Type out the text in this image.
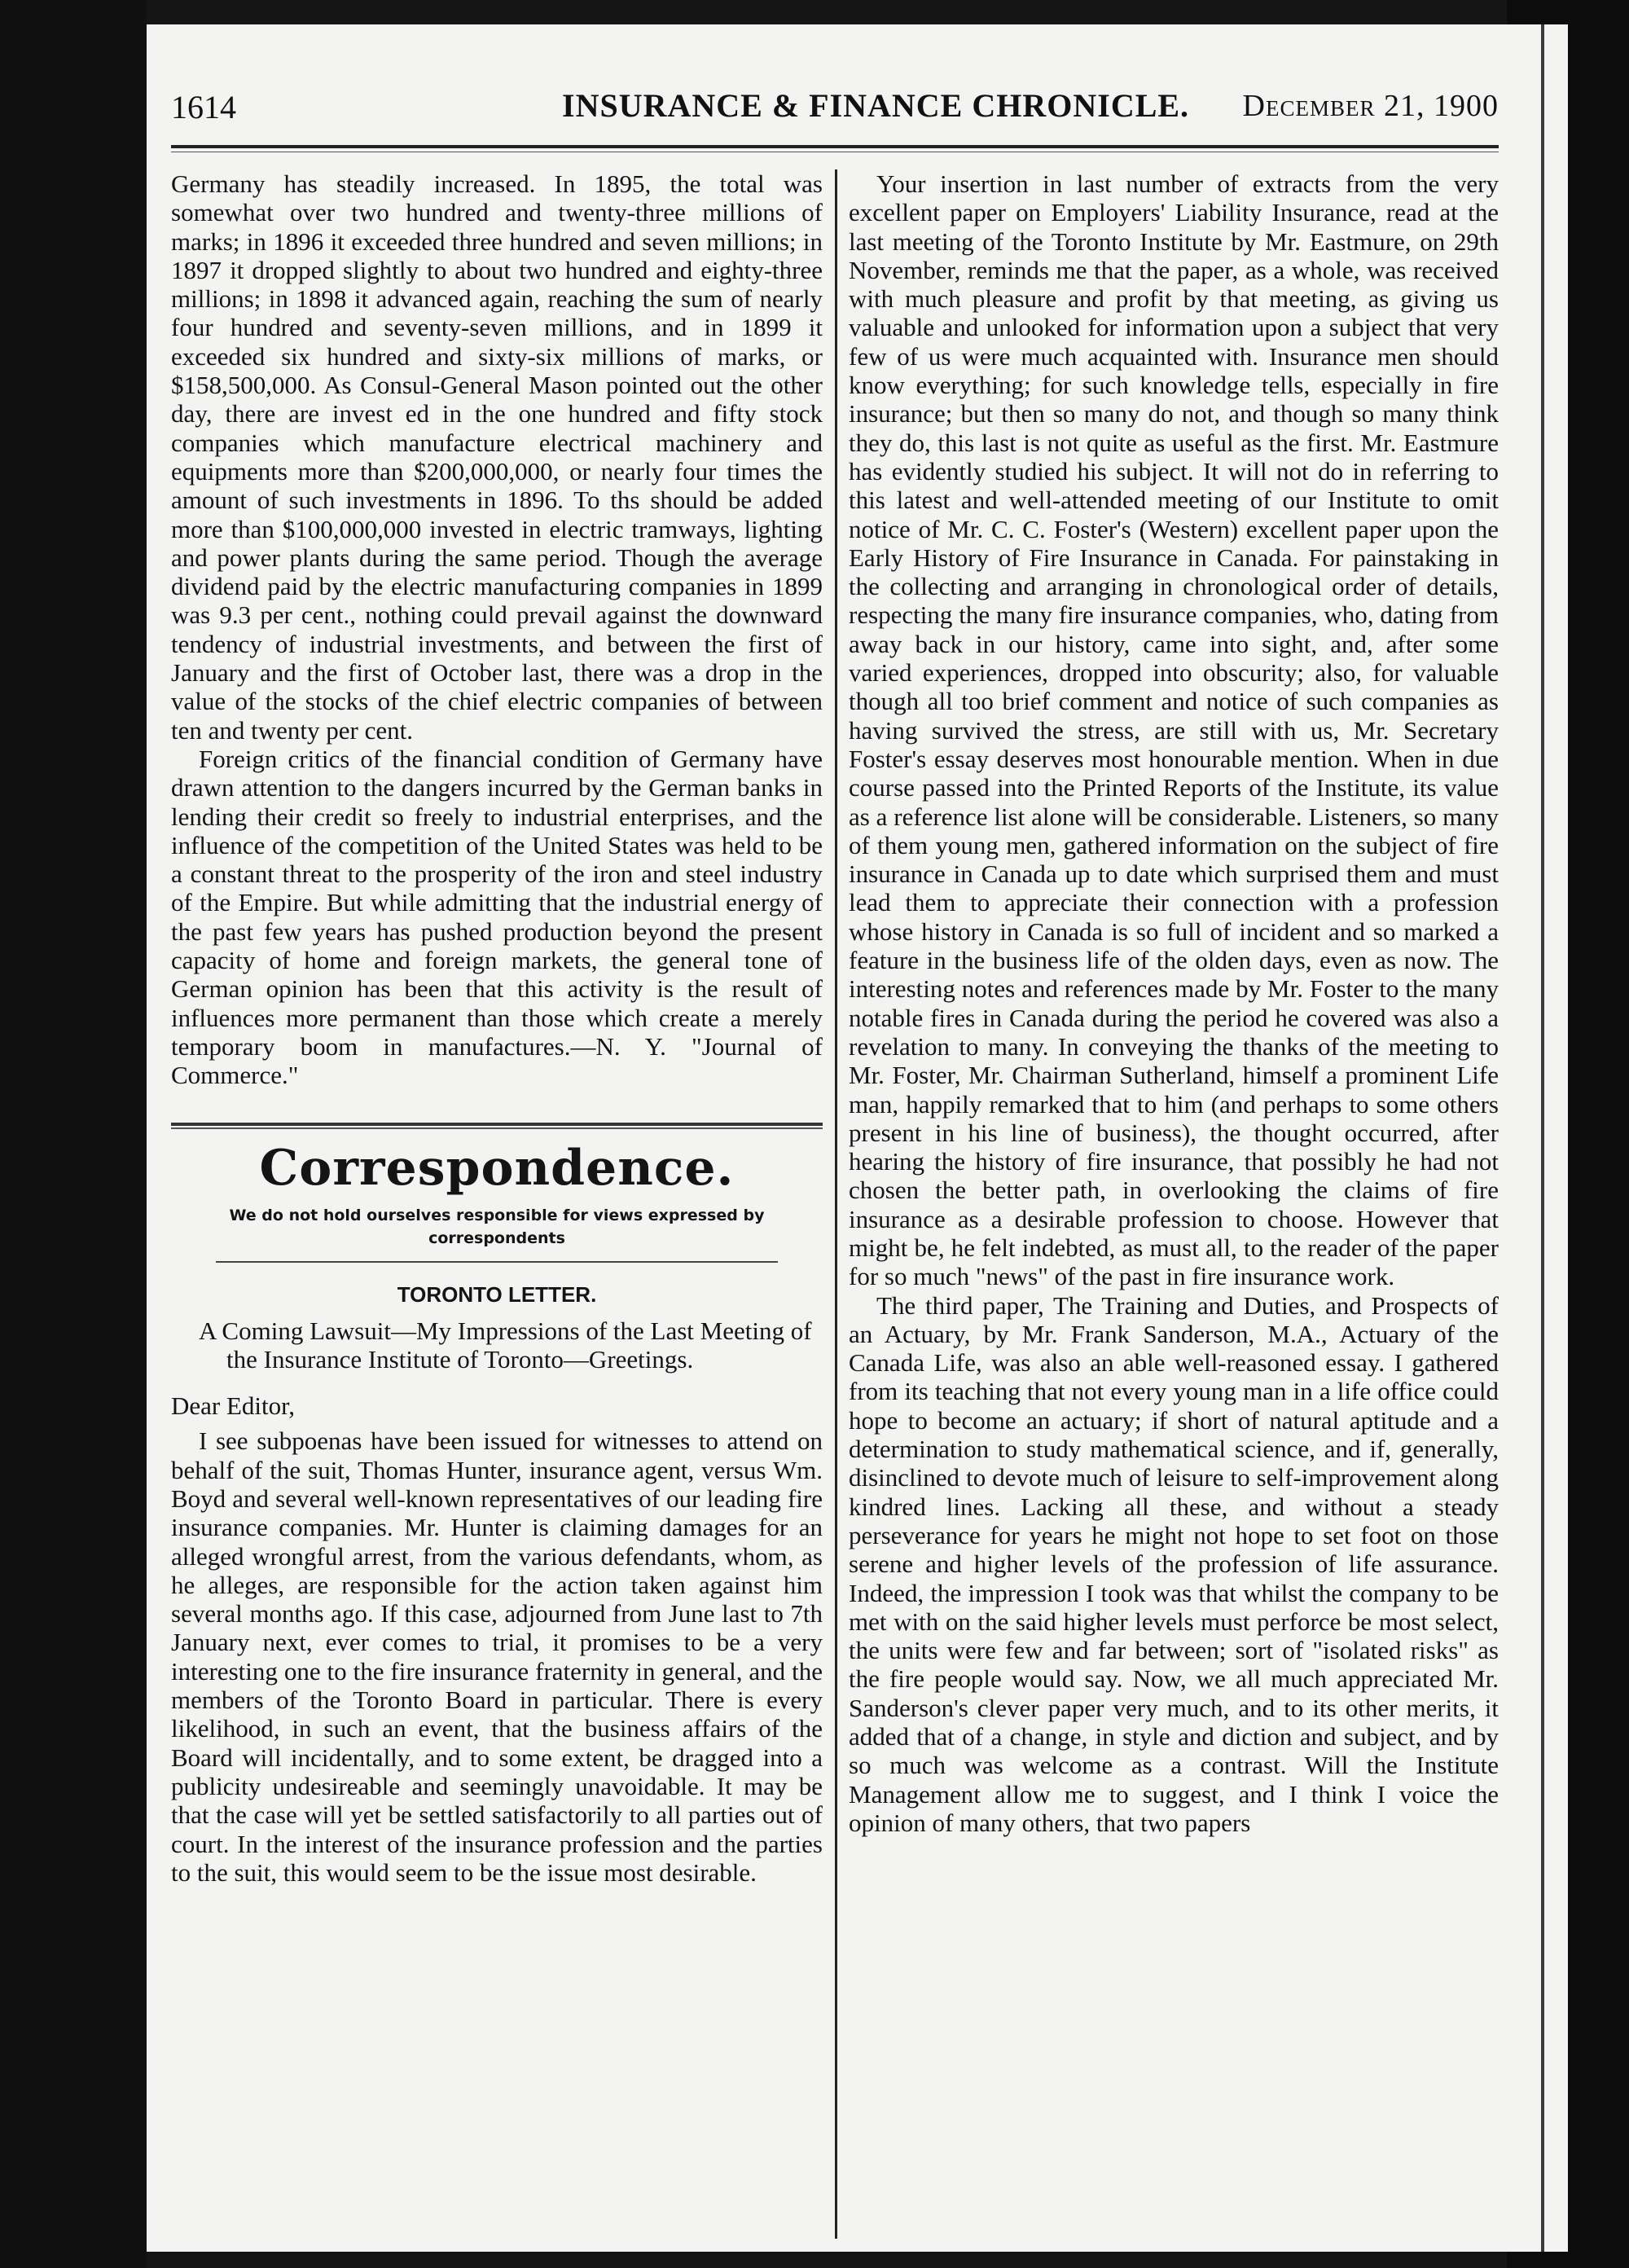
1614	INSURANCE & FINANCE CHRONICLE. December 21, 1900

Germany has steadily increased. In 1895, the total was somewhat over two hundred and twenty-three millions of marks; in 1896 it exceeded three hundred and seven millions; in 1897 it dropped slightly to about two hundred and eighty-three millions; in 1898 it advanced again, reaching the sum of nearly four hundred and seventy-seven millions, and in 1899 it exceeded six hundred and sixty-six millions of marks, or $158,500,000. As Consul-General Mason pointed out the other day, there are invest ed in the one hundred and fifty stock companies which manufacture electrical machinery and equipments more than $200,000,000, or nearly four times the amount of such investments in 1896. To ths should be added more than $100,000,000 invested in electric tramways, lighting and power plants during the same period. Though the average dividend paid by the electric manufacturing companies in 1899 was 9.3 per cent., nothing could prevail against the downward tendency of industrial investments, and between the first of January and the first of October last, there was a drop in the value of the stocks of the chief electric companies of between ten and twenty per cent.

Foreign critics of the financial condition of Germany have drawn attention to the dangers incurred by the German banks in lending their credit so freely to industrial enterprises, and the influence of the competition of the United States was held to be a constant threat to the prosperity of the iron and steel industry of the Empire. But while admitting that the industrial energy of the past few years has pushed production beyond the present capacity of home and foreign markets, the general tone of German opinion has been that this activity is the result of influences more permanent than those which create a merely temporary boom in manufactures.—N. Y. "Journal of Commerce."

Correspondence.
We do not hold ourselves responsible for views expressed by correspondents
TORONTO LETTER.

A Coming Lawsuit—My Impressions of the Last Meeting of the Insurance Institute of Toronto—Greetings.

Dear Editor,

I see subpoenas have been issued for witnesses to attend on behalf of the suit, Thomas Hunter, insurance agent, versus Wm. Boyd and several well-known representatives of our leading fire insurance companies. Mr. Hunter is claiming damages for an alleged wrongful arrest, from the various defendants, whom, as he alleges, are responsible for the action taken against him several months ago. If this case, adjourned from June last to 7th January next, ever comes to trial, it promises to be a very interesting one to the fire insurance fraternity in general, and the members of the Toronto Board in particular. There is every likelihood, in such an event, that the business affairs of the Board will incidentally, and to some extent, be dragged into a publicity undesireable and seemingly unavoidable. It may be that the case will yet be settled satisfactorily to all parties out of court. In the interest of the insurance profession and the parties to the suit, this would seem to be the issue most desirable.

Your insertion in last number of extracts from the very excellent paper on Employers' Liability Insurance, read at the last meeting of the Toronto Institute by Mr. Eastmure, on 29th November, reminds me that the paper, as a whole, was received with much pleasure and profit by that meeting, as giving us valuable and unlooked for information upon a subject that very few of us were much acquainted with. Insurance men should know everything; for such knowledge tells, especially in fire insurance; but then so many do not, and though so many think they do, this last is not quite as useful as the first. Mr. Eastmure has evidently studied his subject. It will not do in referring to this latest and well-attended meeting of our Institute to omit notice of Mr. C. C. Foster's (Western) excellent paper upon the Early History of Fire Insurance in Canada. For painstaking in the collecting and arranging in chronological order of details, respecting the many fire insurance companies, who, dating from away back in our history, came into sight, and, after some varied experiences, dropped into obscurity; also, for valuable though all too brief comment and notice of such companies as having survived the stress, are still with us, Mr. Secretary Foster's essay deserves most honourable mention. When in due course passed into the Printed Reports of the Institute, its value as a reference list alone will be considerable. Listeners, so many of them young men, gathered information on the subject of fire insurance in Canada up to date which surprised them and must lead them to appreciate their connection with a profession whose history in Canada is so full of incident and so marked a feature in the business life of the olden days, even as now. The interesting notes and references made by Mr. Foster to the many notable fires in Canada during the period he covered was also a revelation to many. In conveying the thanks of the meeting to Mr. Foster, Mr. Chairman Sutherland, himself a prominent Life man, happily remarked that to him (and perhaps to some others present in his line of business), the thought occurred, after hearing the history of fire insurance, that possibly he had not chosen the better path, in overlooking the claims of fire insurance as a desirable profession to choose. However that might be, he felt indebted, as must all, to the reader of the paper for so much "news" of the past in fire insurance work.

The third paper, The Training and Duties, and Prospects of an Actuary, by Mr. Frank Sanderson, M.A., Actuary of the Canada Life, was also an able well-reasoned essay. I gathered from its teaching that not every young man in a life office could hope to become an actuary; if short of natural aptitude and a determination to study mathematical science, and if, generally, disinclined to devote much of leisure to self-improvement along kindred lines. Lacking all these, and without a steady perseverance for years he might not hope to set foot on those serene and higher levels of the profession of life assurance. Indeed, the impression I took was that whilst the company to be met with on the said higher levels must perforce be most select, the units were few and far between; sort of "isolated risks" as the fire people would say. Now, we all much appreciated Mr. Sanderson's clever paper very much, and to its other merits, it added that of a change, in style and diction and subject, and by so much was welcome as a contrast. Will the Institute Management allow me to suggest, and I think I voice the opinion of many others, that two papers
